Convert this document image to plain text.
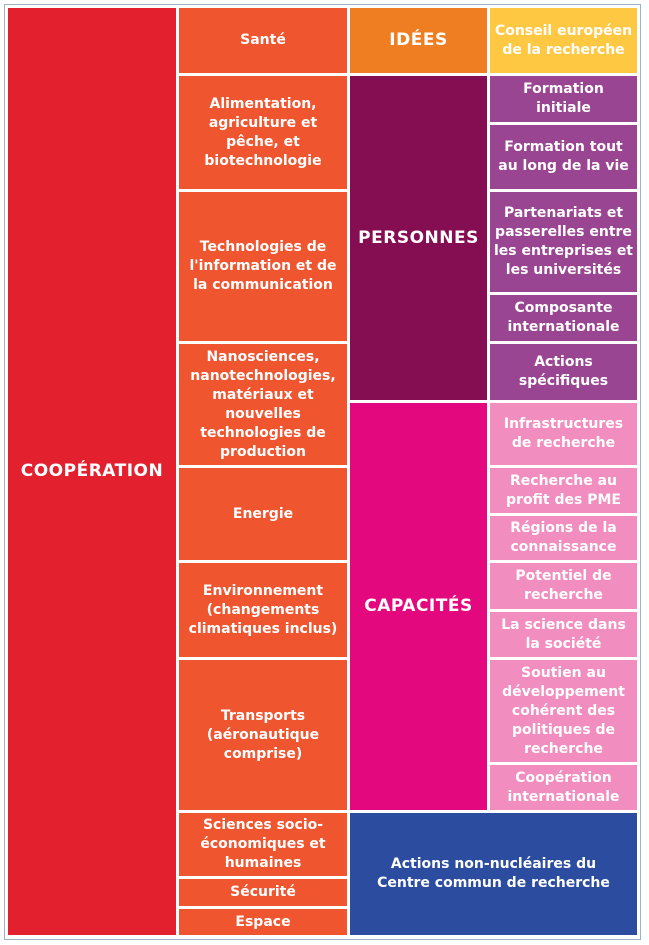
COOPÉRATION
Santé
Alimentation, agriculture et pêche, et biotechnologie
Technologies de l'information et de la communication
Nanosciences, nanotechnologies, matériaux et nouvelles technologies de production
Energie
Environnement (changements climatiques inclus)
Transports (aéronautique comprise)
Sciences socio-économiques et humaines
Sécurité
Espace
IDÉES
PERSONNES
CAPACITÉS
Conseil européen de la recherche
Formation initiale
Formation tout au long de la vie
Partenariats et passerelles entre les entreprises et les universités
Composante internationale
Actions spécifiques
Infrastructures de recherche
Recherche au profit des PME
Régions de la connaissance
Potentiel de recherche
La science dans la société
Soutien au développement cohérent des politiques de recherche
Coopération internationale
Actions non-nucléaires du Centre commun de recherche
